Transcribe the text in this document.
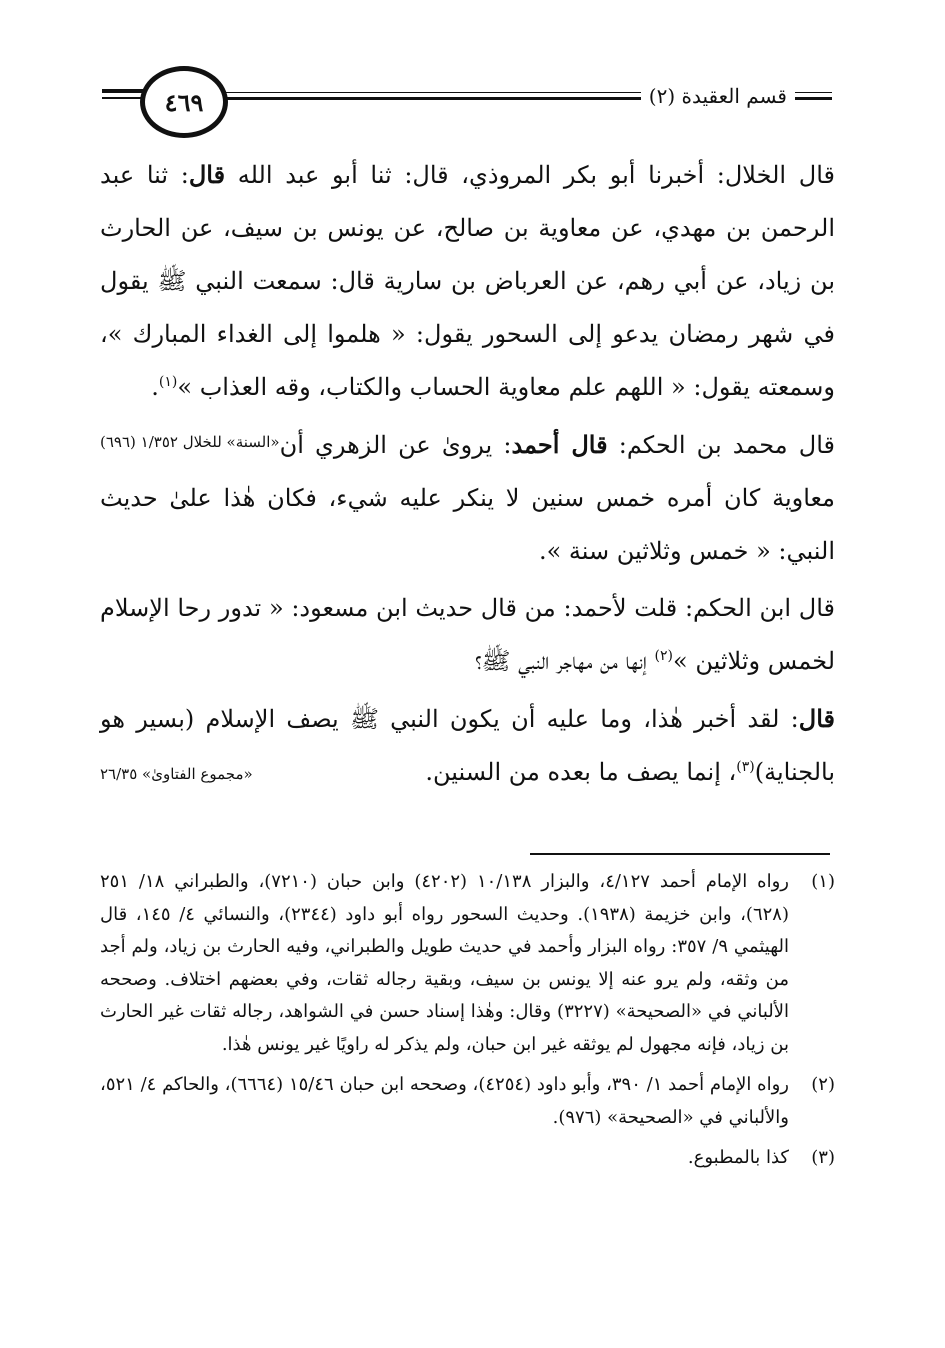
٤٦٩	قسم العقيدة (٢)

قال الخلال: أخبرنا أبو بكر المروذي، قال: ثنا أبو عبد الله قال: ثنا عبد الرحمن بن مهدي، عن معاوية بن صالح، عن يونس بن سيف، عن الحارث بن زياد، عن أبي رهم، عن العرباض بن سارية قال: سمعت النبي ﷺ يقول في شهر رمضان يدعو إلى السحور يقول: « هلموا إلى الغداء المبارك »، وسمعته يقول: « اللهم علم معاوية الحساب والكتاب، وقه العذاب »$^{(١)}$.
«السنة» للخلال ١/٣٥٢ (٦٩٦)	قال محمد بن الحكم: قال أحمد: يروىٰ عن الزهري أن معاوية كان أمره خمس سنين لا ينكر عليه شيء، فكان هٰذا علىٰ حديث النبي: « خمس وثلاثين سنة ».

قال ابن الحكم: قلت لأحمد: من قال حديث ابن مسعود: « تدور رحا الإسلام لخمس وثلاثين »$^{(٢)}$ إنها من مهاجر النبي ﷺ؟

قال: لقد أخبر هٰذا، وما عليه أن يكون النبي ﷺ يصف الإسلام (بسير هو بالجناية)$^{(٣)}$، إنما يصف ما بعده من السنين.
«مجموع الفتاوىٰ» ٢٦/٣٥

(١)
رواه الإمام أحمد ٤/١٢٧، والبزار ١٠/١٣٨ (٤٢٠٢) وابن حبان (٧٢١٠)، والطبراني ١٨/ ٢٥١ (٦٢٨)، وابن خزيمة (١٩٣٨). وحديث السحور رواه أبو داود (٢٣٤٤)، والنسائي ٤/ ١٤٥، قال الهيثمي ٩/ ٣٥٧: رواه البزار وأحمد في حديث طويل والطبراني، وفيه الحارث بن زياد، ولم أجد من وثقه، ولم يرو عنه إلا يونس بن سيف، وبقية رجاله ثقات، وفي بعضهم اختلاف. وصححه الألباني في «الصحيحة» (٣٢٢٧) وقال: وهٰذا إسناد حسن في الشواهد، رجاله ثقات غير الحارث بن زياد، فإنه مجهول لم يوثقه غير ابن حبان، ولم يذكر له راويًا غير يونس هٰذا.
(٢)
رواه الإمام أحمد ١/ ٣٩٠، وأبو داود (٤٢٥٤)، وصححه ابن حبان ١٥/٤٦ (٦٦٦٤)، والحاكم ٤/ ٥٢١، والألباني في «الصحيحة» (٩٧٦).
(٣)
كذا بالمطبوع.
